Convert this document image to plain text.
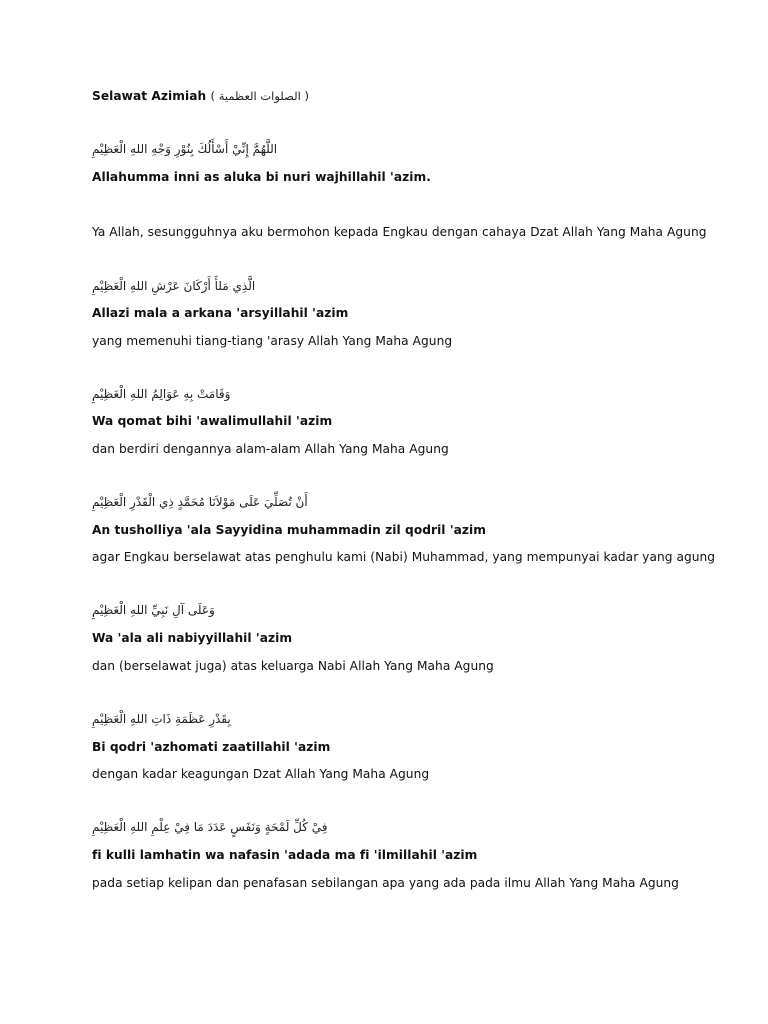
Selawat Azimiah ( الصلوات العظمية )
اللَّهُمَّ إِنِّيْ أَسْأَلُكَ بِنُوْرِ وَجْهِ اللهِ الْعَظِيْمِ
Allahumma inni as aluka bi nuri wajhillahil 'azim.
Ya Allah, sesungguhnya aku bermohon kepada Engkau dengan cahaya Dzat Allah Yang Maha Agung
الَّذِي مَلأَ أَرْكَانَ عَرْشِ اللهِ الْعَظِيْمِ
Allazi mala a arkana 'arsyillahil 'azim
yang memenuhi tiang-tiang 'arasy Allah Yang Maha Agung
وَقَامَتْ بِهِ عَوَالِمُ اللهِ الْعَظِيْمِ
Wa qomat bihi 'awalimullahil 'azim
dan berdiri dengannya alam-alam Allah Yang Maha Agung
أَنْ تُصَلِّيَ عَلَى مَوْلاَنَا مُحَمَّدٍ ذِي الْقَدْرِ الْعَظِيْمِ
An tusholliya 'ala Sayyidina muhammadin zil qodril 'azim
agar Engkau berselawat atas penghulu kami (Nabi) Muhammad, yang mempunyai kadar yang agung
وَعَلَى آلِ نَبِيِّ اللهِ الْعَظِيْمِ
Wa 'ala ali nabiyyillahil 'azim
dan (berselawat juga) atas keluarga Nabi Allah Yang Maha Agung
بِقَدْرِ عَظَمَةِ ذَاتِ اللهِ الْعَظِيْمِ
Bi qodri 'azhomati zaatillahil 'azim
dengan kadar keagungan Dzat Allah Yang Maha Agung
فِيْ كُلِّ لَمْحَةٍ وَنَفَسٍ عَدَدَ مَا فِيْ عِلْمِ اللهِ الْعَظِيْمِ
fi kulli lamhatin wa nafasin 'adada ma fi 'ilmillahil 'azim
pada setiap kelipan dan penafasan sebilangan apa yang ada pada ilmu Allah Yang Maha Agung
